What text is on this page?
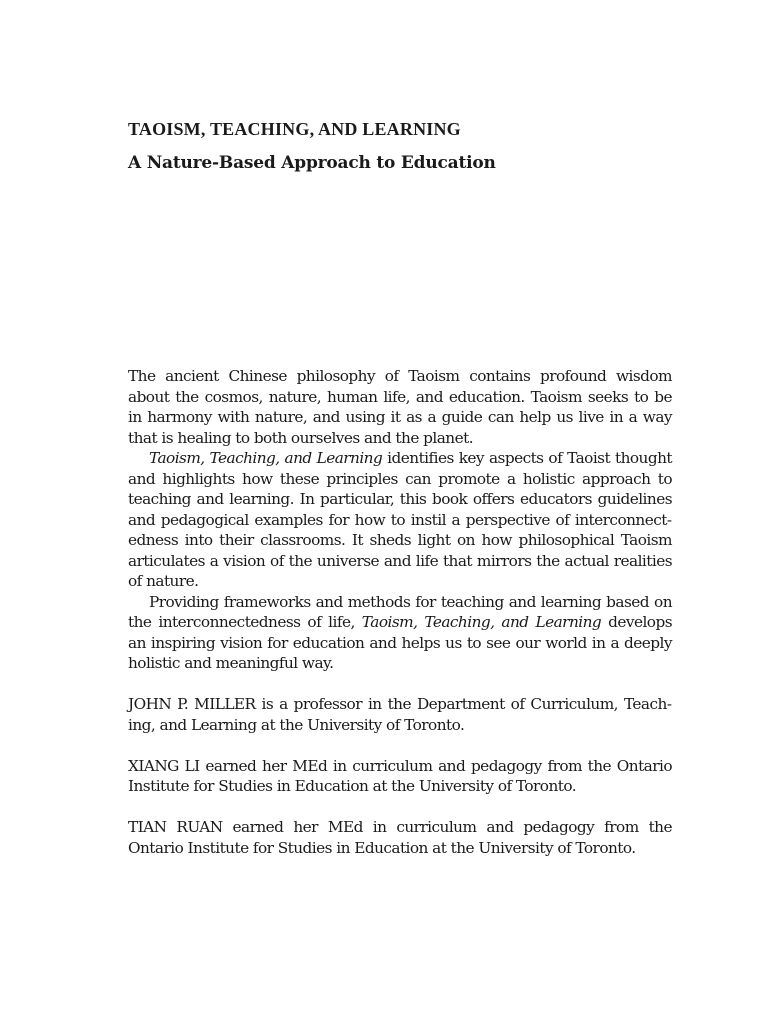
TAOISM, TEACHING, AND LEARNING
A Nature-Based Approach to Education

The ancient Chinese philosophy of Taoism contains profound wisdom about the cosmos, nature, human life, and education. Taoism seeks to be in harmony with nature, and using it as a guide can help us live in a way that is healing to both ourselves and the planet.

Taoism, Teaching, and Learning identifies key aspects of Taoist thought and highlights how these principles can promote a holistic approach to teaching and learning. In particular, this book offers educators guidelines and pedagogical examples for how to instil a perspective of interconnectedness into their classrooms. It sheds light on how philosophical Taoism articulates a vision of the universe and life that mirrors the actual realities of nature.

Providing frameworks and methods for teaching and learning based on the interconnectedness of life, Taoism, Teaching, and Learning develops an inspiring vision for education and helps us to see our world in a deeply holistic and meaningful way.

JOHN P. MILLER is a professor in the Department of Curriculum, Teaching, and Learning at the University of Toronto.

XIANG LI earned her MEd in curriculum and pedagogy from the Ontario Institute for Studies in Education at the University of Toronto.

TIAN RUAN earned her MEd in curriculum and pedagogy from the Ontario Institute for Studies in Education at the University of Toronto.
